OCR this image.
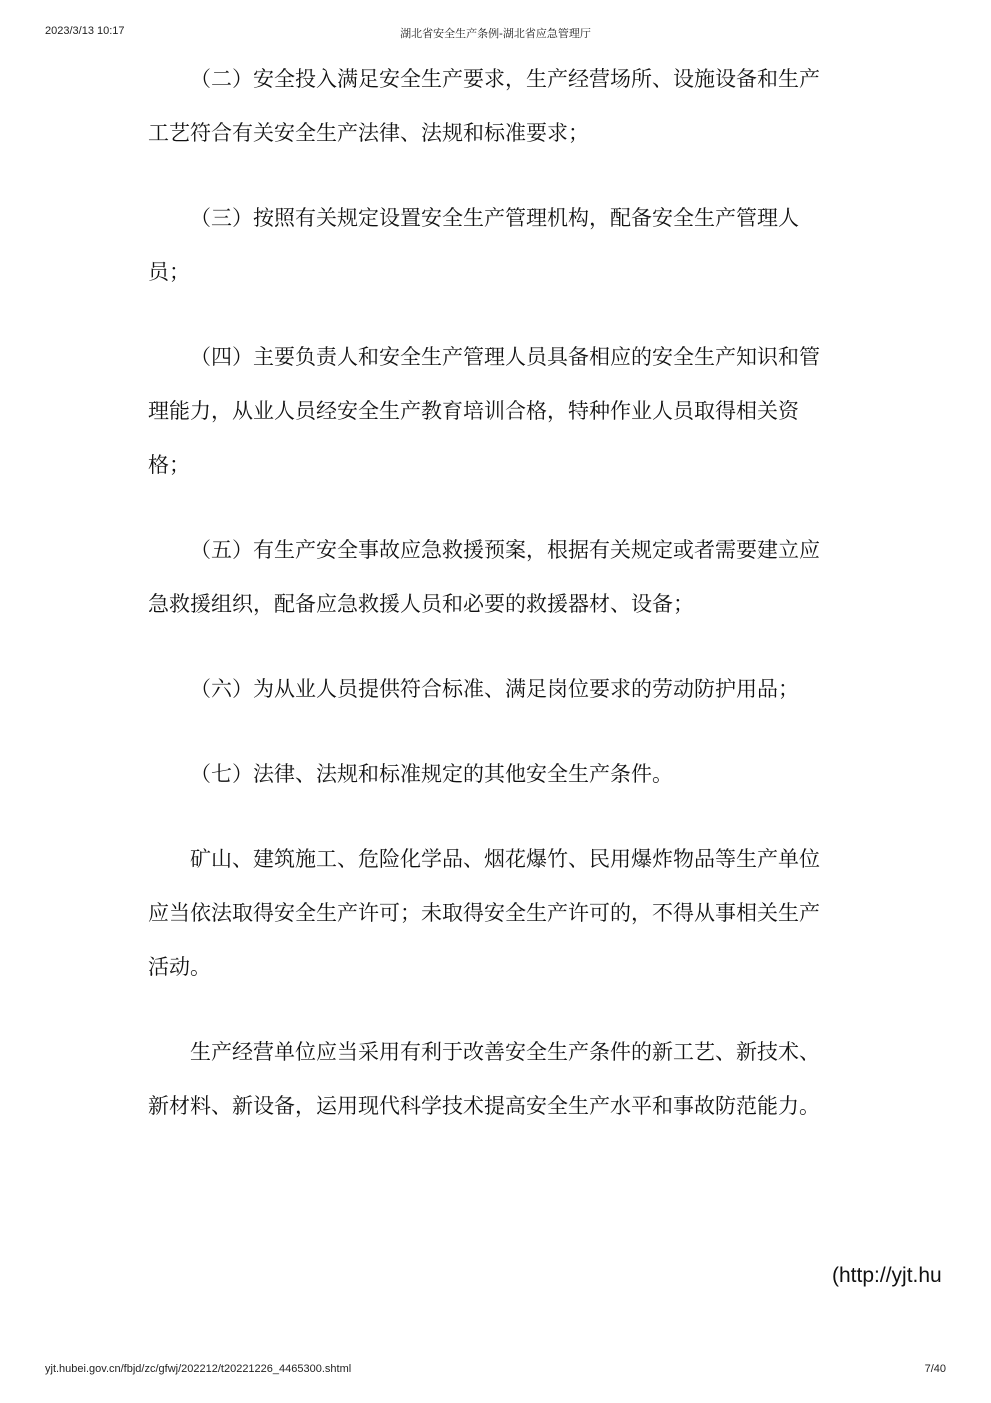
2023/3/13 10:17	湖北省安全生产条例-湖北省应急管理厅

（二）安全投入满足安全生产要求，生产经营场所、设施设备和生产工艺符合有关安全生产法律、法规和标准要求；

（三）按照有关规定设置安全生产管理机构，配备安全生产管理人员；

（四）主要负责人和安全生产管理人员具备相应的安全生产知识和管理能力，从业人员经安全生产教育培训合格，特种作业人员取得相关资格；

（五）有生产安全事故应急救援预案，根据有关规定或者需要建立应急救援组织，配备应急救援人员和必要的救援器材、设备；

（六）为从业人员提供符合标准、满足岗位要求的劳动防护用品；

（七）法律、法规和标准规定的其他安全生产条件。

矿山、建筑施工、危险化学品、烟花爆竹、民用爆炸物品等生产单位应当依法取得安全生产许可；未取得安全生产许可的，不得从事相关生产活动。

生产经营单位应当采用有利于改善安全生产条件的新工艺、新技术、新材料、新设备，运用现代科学技术提高安全生产水平和事故防范能力。

(http://yjt.hu
yjt.hubei.gov.cn/fbjd/zc/gfwj/202212/t20221226_4465300.shtml	7/40
